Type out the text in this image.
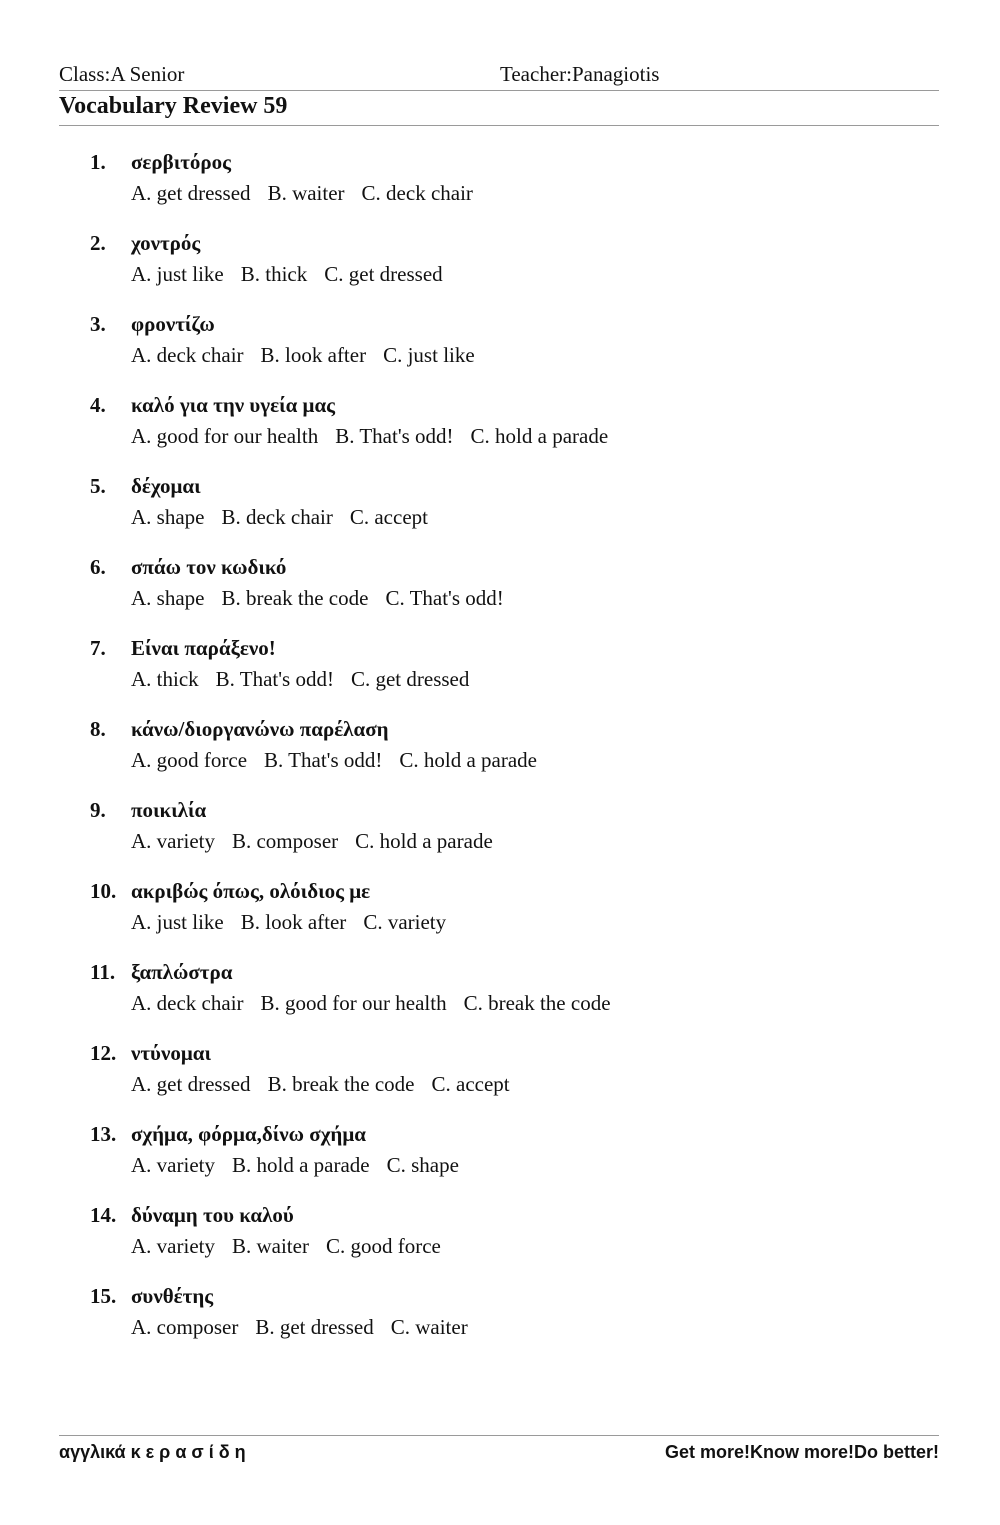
Class:A Senior	Teacher:Panagiotis
Vocabulary Review 59
1. σερβιτόρος
A. get dressed B. waiter C. deck chair
2. χοντρός
A. just like B. thick C. get dressed
3. φροντίζω
A. deck chair B. look after C. just like
4. καλό για την υγεία μας
A. good for our health B. That's odd! C. hold a parade
5. δέχομαι
A. shape B. deck chair C. accept
6. σπάω τον κωδικό
A. shape B. break the code C. That's odd!
7. Είναι παράξενο!
A. thick B. That's odd! C. get dressed
8. κάνω/διοργανώνω παρέλαση
A. good force B. That's odd! C. hold a parade
9. ποικιλία
A. variety B. composer C. hold a parade
10. ακριβώς όπως, ολόιδιος με
A. just like B. look after C. variety
11. ξαπλώστρα
A. deck chair B. good for our health C. break the code
12. ντύνομαι
A. get dressed B. break the code C. accept
13. σχήμα, φόρμα,δίνω σχήμα
A. variety B. hold a parade C. shape
14. δύναμη του καλού
A. variety B. waiter C. good force
15. συνθέτης
A. composer B. get dressed C. waiter
αγγλικά κ ε ρ α σ ί δ η	Get more!Know more!Do better!
